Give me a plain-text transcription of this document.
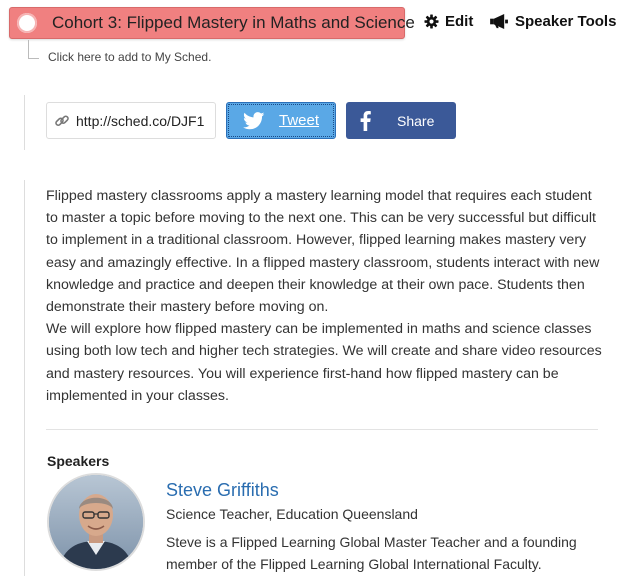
Cohort 3: Flipped Mastery in Maths and Science Edit	Speaker Tools
Click here to add to My Sched.
http://sched.co/DJF1	Tweet	Share

Flipped mastery classrooms apply a mastery learning model that requires each student to master a topic before moving to the next one. This can be very successful but difficult to implement in a traditional classroom. However, flipped learning makes mastery very easy and amazingly effective. In a flipped mastery classroom, students interact with new knowledge and practice and deepen their knowledge at their own pace. Students then demonstrate their mastery before moving on.

We will explore how flipped mastery can be implemented in maths and science classes using both low tech and higher tech strategies. We will create and share video resources and mastery resources. You will experience first-hand how flipped mastery can be implemented in your classes.

Speakers
Steve Griffiths
Science Teacher, Education Queensland
Steve is a Flipped Learning Global Master Teacher and a founding member of the Flipped Learning Global International Faculty.
